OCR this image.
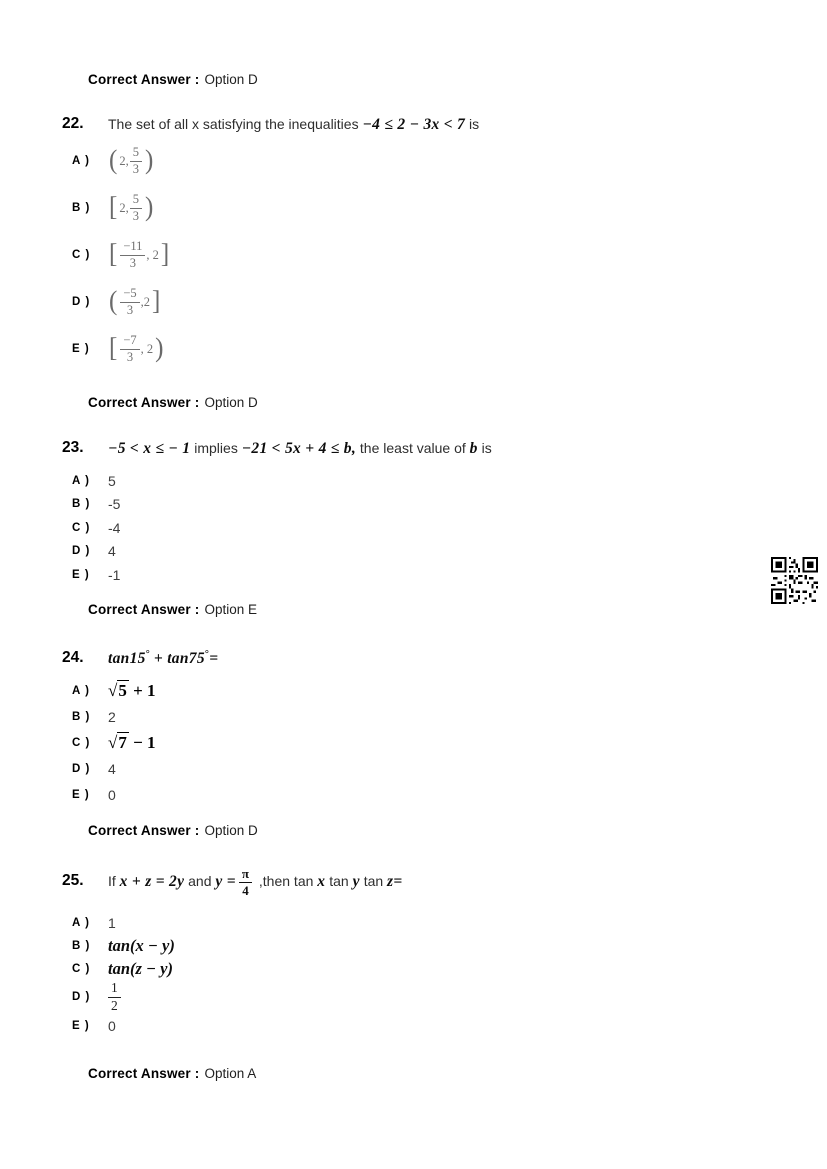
Correct Answer : Option D
22.	The set of all x satisfying the inequalities −4 ≤ 2 − 3x < 7 is
A ) ( 2, $\frac{5}{3}$ )
B ) [ 2, $\frac{5}{3}$ )
C ) [ $\frac{-11}{3}$ , 2 ]
D ) ( $\frac{-5}{3} ,2$ ]
E ) [ $\frac{-7}{3}$ , 2 )
Correct Answer : Option D
23.	−5 < x ≤ − 1 implies −21 < 5x + 4 ≤ b, the least value of b is
A )	5
B )	-5
C )	-4
D )	4
E )	-1
Correct Answer : Option E
24.	tan15° + tan75°=
A )	√5 + 1
B )	2
C )	√7 − 1
D )	4
E )	0
Correct Answer : Option D
25.	If x + z = 2y and $y = \frac{\pi}{4}$ ,then tan x tan y tan z=
A )	1
B )	tan(x − y)
C )	tan(z − y)
D )	$\frac{1}{2}$
E )	0
Correct Answer : Option A
